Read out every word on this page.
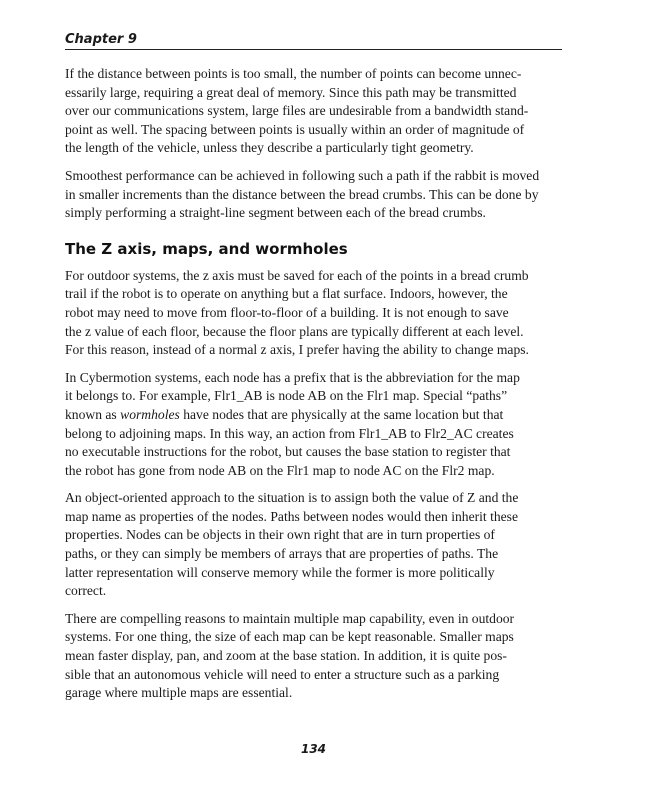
Chapter 9

If the distance between points is too small, the number of points can become unnec-
essarily large, requiring a great deal of memory. Since this path may be transmitted
over our communications system, large files are undesirable from a bandwidth stand-
point as well. The spacing between points is usually within an order of magnitude of
the length of the vehicle, unless they describe a particularly tight geometry.

Smoothest performance can be achieved in following such a path if the rabbit is moved
in smaller increments than the distance between the bread crumbs. This can be done by
simply performing a straight-line segment between each of the bread crumbs.

The Z axis, maps, and wormholes

For outdoor systems, the z axis must be saved for each of the points in a bread crumb
trail if the robot is to operate on anything but a flat surface. Indoors, however, the
robot may need to move from floor-to-floor of a building. It is not enough to save
the z value of each floor, because the floor plans are typically different at each level.
For this reason, instead of a normal z axis, I prefer having the ability to change maps.

In Cybermotion systems, each node has a prefix that is the abbreviation for the map
it belongs to. For example, Flr1_AB is node AB on the Flr1 map. Special “paths”
known as wormholes have nodes that are physically at the same location but that
belong to adjoining maps. In this way, an action from Flr1_AB to Flr2_AC creates
no executable instructions for the robot, but causes the base station to register that
the robot has gone from node AB on the Flr1 map to node AC on the Flr2 map.

An object-oriented approach to the situation is to assign both the value of Z and the
map name as properties of the nodes. Paths between nodes would then inherit these
properties. Nodes can be objects in their own right that are in turn properties of
paths, or they can simply be members of arrays that are properties of paths. The
latter representation will conserve memory while the former is more politically
correct.

There are compelling reasons to maintain multiple map capability, even in outdoor
systems. For one thing, the size of each map can be kept reasonable. Smaller maps
mean faster display, pan, and zoom at the base station. In addition, it is quite pos-
sible that an autonomous vehicle will need to enter a structure such as a parking
garage where multiple maps are essential.

134
